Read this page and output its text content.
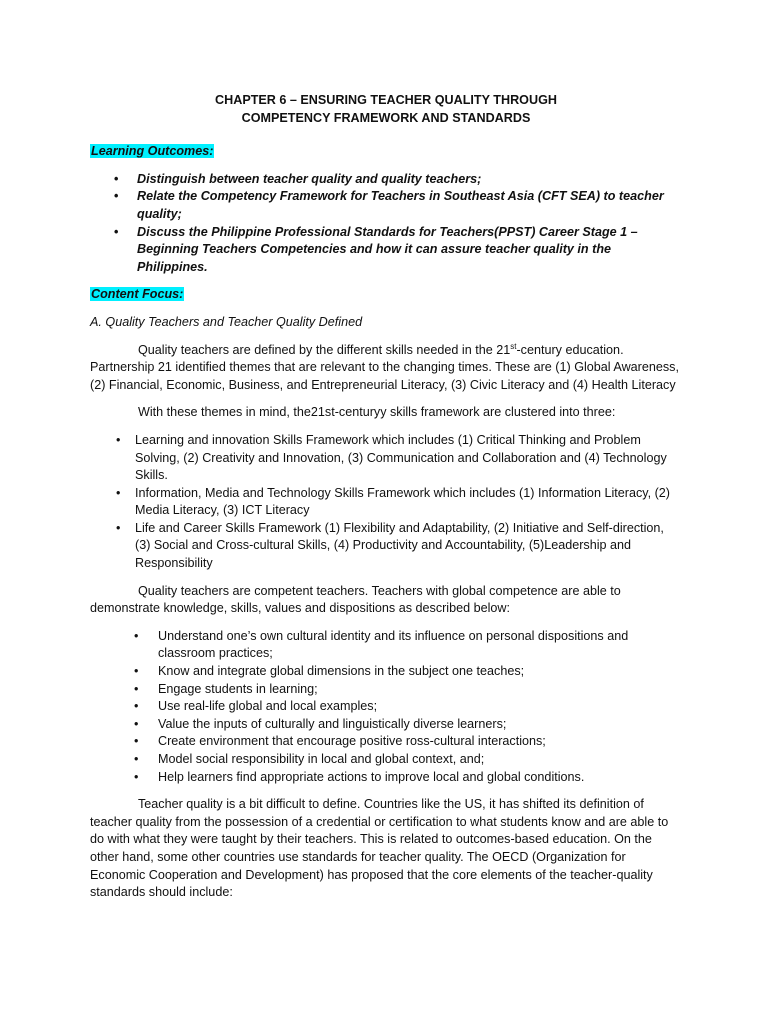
CHAPTER 6 – ENSURING TEACHER QUALITY THROUGH
COMPETENCY FRAMEWORK AND STANDARDS
Learning Outcomes:
• Distinguish between teacher quality and quality teachers;
• Relate the Competency Framework for Teachers in Southeast Asia (CFT SEA) to teacher quality;
• Discuss the Philippine Professional Standards for Teachers(PPST) Career Stage 1 – Beginning Teachers Competencies and how it can assure teacher quality in the Philippines.
Content Focus:
A. Quality Teachers and Teacher Quality Defined

Quality teachers are defined by the different skills needed in the 21st-century education. Partnership 21 identified themes that are relevant to the changing times. These are (1) Global Awareness, (2) Financial, Economic, Business, and Entrepreneurial Literacy, (3) Civic Literacy and (4) Health Literacy

With these themes in mind, the21st-centuryy skills framework are clustered into three:

• Learning and innovation Skills Framework which includes (1) Critical Thinking and Problem Solving, (2) Creativity and Innovation, (3) Communication and Collaboration and (4) Technology Skills.
• Information, Media and Technology Skills Framework which includes (1) Information Literacy, (2) Media Literacy, (3) ICT Literacy
• Life and Career Skills Framework (1) Flexibility and Adaptability, (2) Initiative and Self-direction, (3) Social and Cross-cultural Skills, (4) Productivity and Accountability, (5)Leadership and Responsibility

Quality teachers are competent teachers. Teachers with global competence are able to demonstrate knowledge, skills, values and dispositions as described below:

• Understand one’s own cultural identity and its influence on personal dispositions and classroom practices;
• Know and integrate global dimensions in the subject one teaches;
• Engage students in learning;
• Use real-life global and local examples;
• Value the inputs of culturally and linguistically diverse learners;
• Create environment that encourage positive ross-cultural interactions;
• Model social responsibility in local and global context, and;
• Help learners find appropriate actions to improve local and global conditions.

Teacher quality is a bit difficult to define. Countries like the US, it has shifted its definition of teacher quality from the possession of a credential or certification to what students know and are able to do with what they were taught by their teachers. This is related to outcomes-based education. On the other hand, some other countries use standards for teacher quality. The OECD (Organization for Economic Cooperation and Development) has proposed that the core elements of the teacher-quality standards should include:
